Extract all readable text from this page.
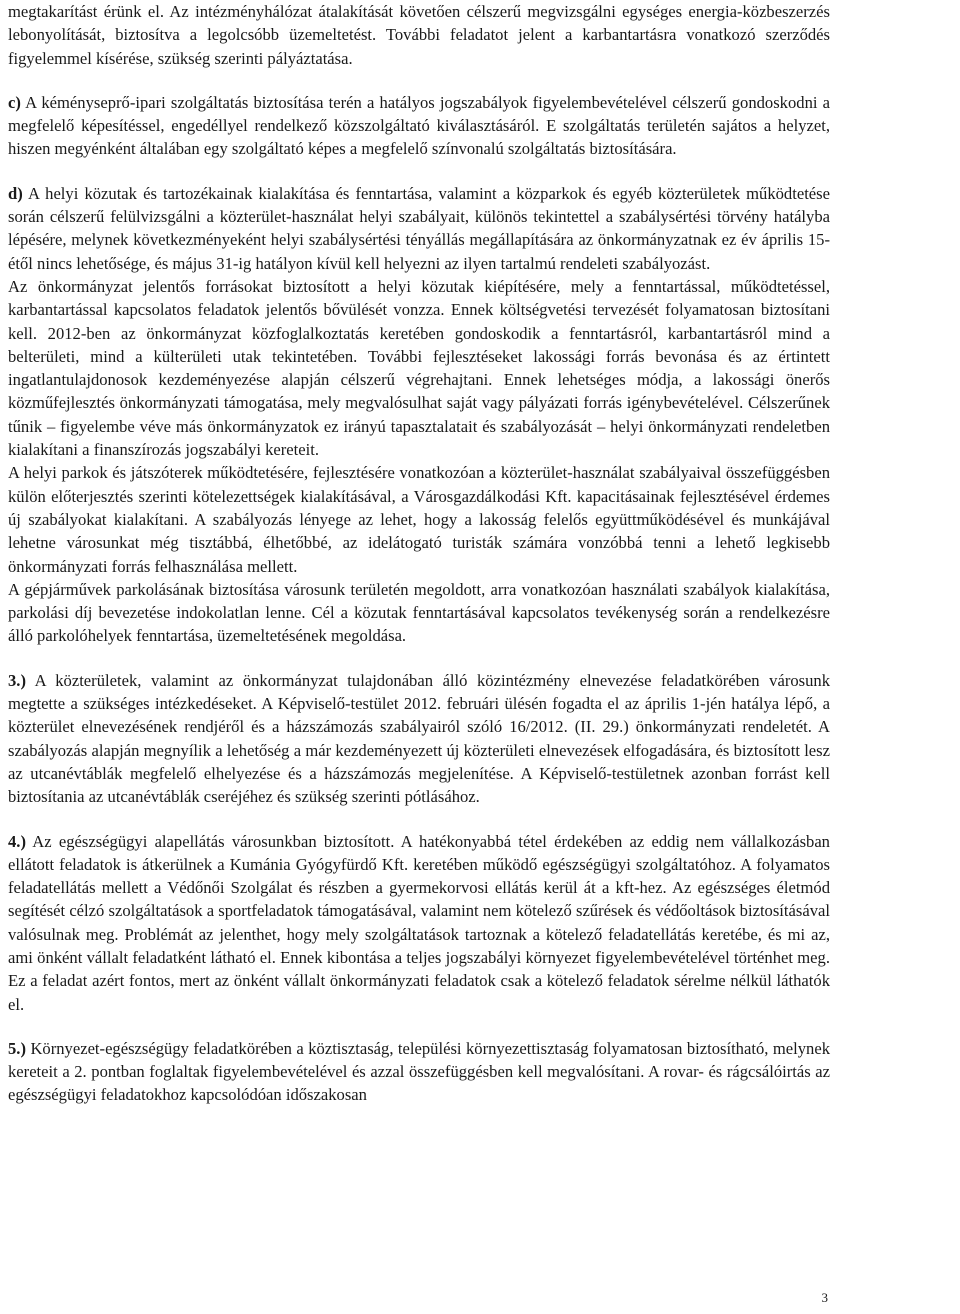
megtakarítást érünk el. Az intézményhálózat átalakítását követően célszerű megvizsgálni egységes energia-közbeszerzés lebonyolítását, biztosítva a legolcsóbb üzemeltetést. További feladatot jelent a karbantartásra vonatkozó szerződés figyelemmel kísérése, szükség szerinti pályáztatása.

c) A kéményseprő-ipari szolgáltatás biztosítása terén a hatályos jogszabályok figyelembevételével célszerű gondoskodni a megfelelő képesítéssel, engedéllyel rendelkező közszolgáltató kiválasztásáról. E szolgáltatás területén sajátos a helyzet, hiszen megyénként általában egy szolgáltató képes a megfelelő színvonalú szolgáltatás biztosítására.

d) A helyi közutak és tartozékainak kialakítása és fenntartása, valamint a közparkok és egyéb közterületek működtetése során célszerű felülvizsgálni a közterület-használat helyi szabályait, különös tekintettel a szabálysértési törvény hatályba lépésére, melynek következményeként helyi szabálysértési tényállás megállapítására az önkormányzatnak ez év április 15-étől nincs lehetősége, és május 31-ig hatályon kívül kell helyezni az ilyen tartalmú rendeleti szabályozást.

Az önkormányzat jelentős forrásokat biztosított a helyi közutak kiépítésére, mely a fenntartással, működtetéssel, karbantartással kapcsolatos feladatok jelentős bővülését vonzza. Ennek költségvetési tervezését folyamatosan biztosítani kell. 2012-ben az önkormányzat közfoglalkoztatás keretében gondoskodik a fenntartásról, karbantartásról mind a belterületi, mind a külterületi utak tekintetében. További fejlesztéseket lakossági forrás bevonása és az értintett ingatlantulajdonosok kezdeményezése alapján célszerű végrehajtani. Ennek lehetséges módja, a lakossági önerős közműfejlesztés önkormányzati támogatása, mely megvalósulhat saját vagy pályázati forrás igénybevételével. Célszerűnek tűnik – figyelembe véve más önkormányzatok ez irányú tapasztalatait és szabályozását – helyi önkormányzati rendeletben kialakítani a finanszírozás jogszabályi kereteit.

A helyi parkok és játszóterek működtetésére, fejlesztésére vonatkozóan a közterület-használat szabályaival összefüggésben külön előterjesztés szerinti kötelezettségek kialakításával, a Városgazdálkodási Kft. kapacitásainak fejlesztésével érdemes új szabályokat kialakítani. A szabályozás lényege az lehet, hogy a lakosság felelős együttműködésével és munkájával lehetne városunkat még tisztábbá, élhetőbbé, az idelátogató turisták számára vonzóbbá tenni a lehető legkisebb önkormányzati forrás felhasználása mellett.

A gépjárművek parkolásának biztosítása városunk területén megoldott, arra vonatkozóan használati szabályok kialakítása, parkolási díj bevezetése indokolatlan lenne. Cél a közutak fenntartásával kapcsolatos tevékenység során a rendelkezésre álló parkolóhelyek fenntartása, üzemeltetésének megoldása.

3.) A közterületek, valamint az önkormányzat tulajdonában álló közintézmény elnevezése feladatkörében városunk megtette a szükséges intézkedéseket. A Képviselő-testület 2012. februári ülésén fogadta el az április 1-jén hatálya lépő, a közterület elnevezésének rendjéről és a házszámozás szabályairól szóló 16/2012. (II. 29.) önkormányzati rendeletét. A szabályozás alapján megnyílik a lehetőség a már kezdeményezett új közterületi elnevezések elfogadására, és biztosított lesz az utcanévtáblák megfelelő elhelyezése és a házszámozás megjelenítése. A Képviselő-testületnek azonban forrást kell biztosítania az utcanévtáblák cseréjéhez és szükség szerinti pótlásához.

4.) Az egészségügyi alapellátás városunkban biztosított. A hatékonyabbá tétel érdekében az eddig nem vállalkozásban ellátott feladatok is átkerülnek a Kumánia Gyógyfürdő Kft. keretében működő egészségügyi szolgáltatóhoz. A folyamatos feladatellátás mellett a Védőnői Szolgálat és részben a gyermekorvosi ellátás kerül át a kft-hez. Az egészséges életmód segítését célzó szolgáltatások a sportfeladatok támogatásával, valamint nem kötelező szűrések és védőoltások biztosításával valósulnak meg. Problémát az jelenthet, hogy mely szolgáltatások tartoznak a kötelező feladatellátás keretébe, és mi az, ami önként vállalt feladatként látható el. Ennek kibontása a teljes jogszabályi környezet figyelembevételével történhet meg. Ez a feladat azért fontos, mert az önként vállalt önkormányzati feladatok csak a kötelező feladatok sérelme nélkül láthatók el.

5.) Környezet-egészségügy feladatkörében a köztisztaság, települési környezettisztaság folyamatosan biztosítható, melynek kereteit a 2. pontban foglaltak figyelembevételével és azzal összefüggésben kell megvalósítani. A rovar- és rágcsálóirtás az egészségügyi feladatokhoz kapcsolódóan időszakosan

3
